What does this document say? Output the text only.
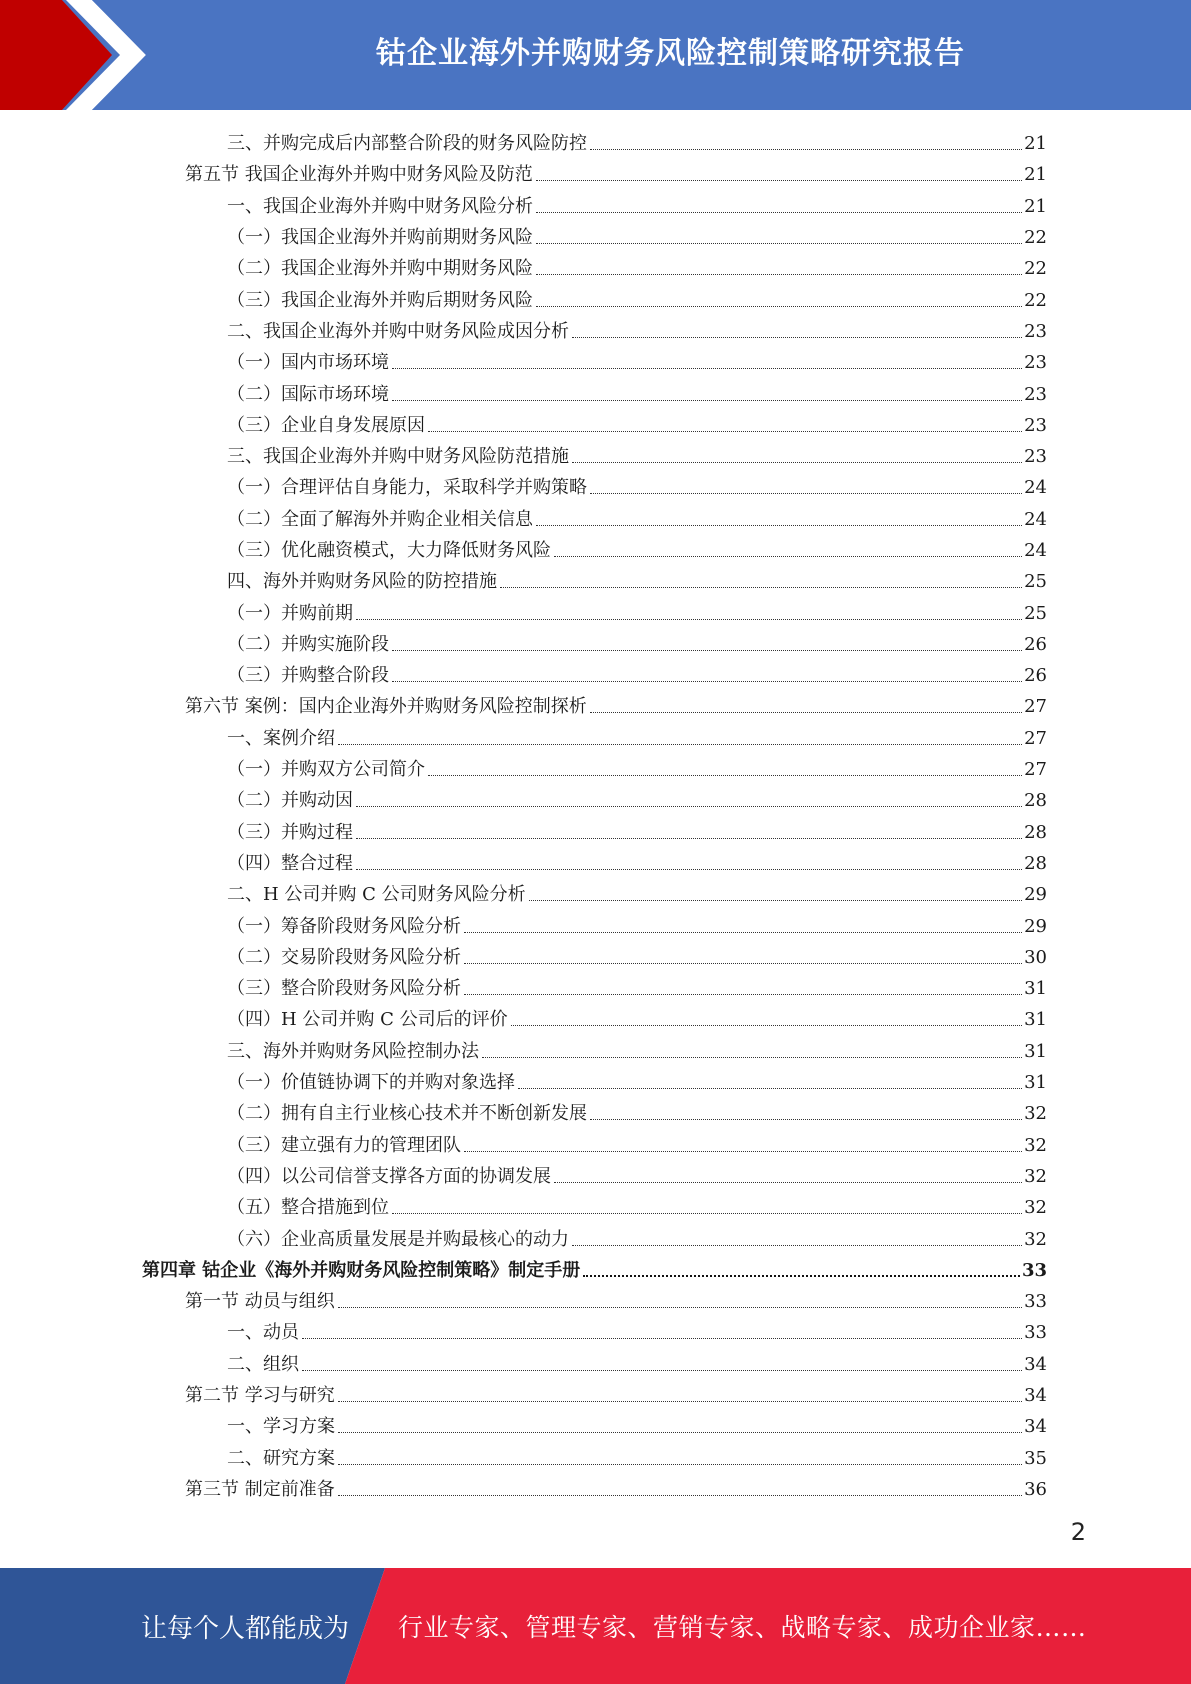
钴企业海外并购财务风险控制策略研究报告
三、并购完成后内部整合阶段的财务风险防控	21
第五节 我国企业海外并购中财务风险及防范	21
一、我国企业海外并购中财务风险分析	21
（一）我国企业海外并购前期财务风险	22
（二）我国企业海外并购中期财务风险	22
（三）我国企业海外并购后期财务风险	22
二、我国企业海外并购中财务风险成因分析	23
（一）国内市场环境	23
（二）国际市场环境	23
（三）企业自身发展原因	23
三、我国企业海外并购中财务风险防范措施	23
（一）合理评估自身能力，采取科学并购策略	24
（二）全面了解海外并购企业相关信息	24
（三）优化融资模式，大力降低财务风险	24
四、海外并购财务风险的防控措施	25
（一）并购前期	25
（二）并购实施阶段	26
（三）并购整合阶段	26
第六节 案例：国内企业海外并购财务风险控制探析	27
一、案例介绍	27
（一）并购双方公司简介	27
（二）并购动因	28
（三）并购过程	28
（四）整合过程	28
二、H 公司并购 C 公司财务风险分析	29
（一）筹备阶段财务风险分析	29
（二）交易阶段财务风险分析	30
（三）整合阶段财务风险分析	31
（四）H 公司并购 C 公司后的评价	31
三、海外并购财务风险控制办法	31
（一）价值链协调下的并购对象选择	31
（二）拥有自主行业核心技术并不断创新发展	32
（三）建立强有力的管理团队	32
（四）以公司信誉支撑各方面的协调发展	32
（五）整合措施到位	32
（六）企业高质量发展是并购最核心的动力	32
第四章 钴企业《海外并购财务风险控制策略》制定手册	33
第一节 动员与组织	33
一、动员	33
二、组织	34
第二节 学习与研究	34
一、学习方案	34
二、研究方案	35
第三节 制定前准备	36
2
让每个人都能成为	行业专家、管理专家、营销专家、战略专家、成功企业家……
